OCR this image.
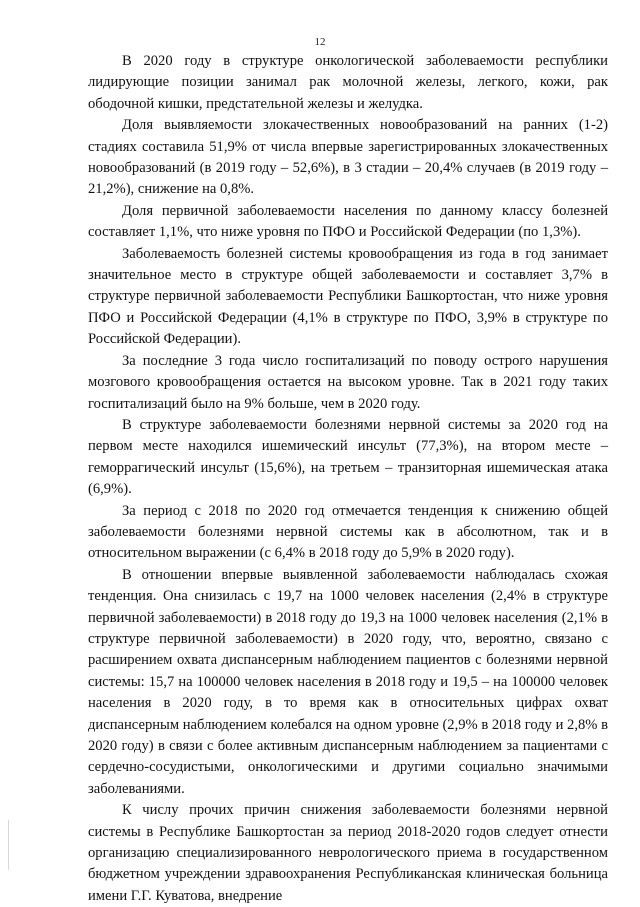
12

В 2020 году в структуре онкологической заболеваемости республики лидирующие позиции занимал рак молочной железы, легкого, кожи, рак ободочной кишки, предстательной железы и желудка.

Доля выявляемости злокачественных новообразований на ранних (1-2) стадиях составила 51,9% от числа впервые зарегистрированных злокачественных новообразований (в 2019 году – 52,6%), в 3 стадии – 20,4% случаев (в 2019 году – 21,2%), снижение на 0,8%.

Доля первичной заболеваемости населения по данному классу болезней составляет 1,1%, что ниже уровня по ПФО и Российской Федерации (по 1,3%).

Заболеваемость болезней системы кровообращения из года в год занимает значительное место в структуре общей заболеваемости и составляет 3,7% в структуре первичной заболеваемости Республики Башкортостан, что ниже уровня ПФО и Российской Федерации (4,1% в структуре по ПФО, 3,9% в структуре по Российской Федерации).

За последние 3 года число госпитализаций по поводу острого нарушения мозгового кровообращения остается на высоком уровне. Так в 2021 году таких госпитализаций было на 9% больше, чем в 2020 году.

В структуре заболеваемости болезнями нервной системы за 2020 год на первом месте находился ишемический инсульт (77,3%), на втором месте – геморрагический инсульт (15,6%), на третьем – транзиторная ишемическая атака (6,9%).

За период с 2018 по 2020 год отмечается тенденция к снижению общей заболеваемости болезнями нервной системы как в абсолютном, так и в относительном выражении (с 6,4% в 2018 году до 5,9% в 2020 году).

В отношении впервые выявленной заболеваемости наблюдалась схожая тенденция. Она снизилась с 19,7 на 1000 человек населения (2,4% в структуре первичной заболеваемости) в 2018 году до 19,3 на 1000 человек населения (2,1% в структуре первичной заболеваемости) в 2020 году, что, вероятно, связано с расширением охвата диспансерным наблюдением пациентов с болезнями нервной системы: 15,7 на 100000 человек населения в 2018 году и 19,5 – на 100000 человек населения в 2020 году, в то время как в относительных цифрах охват диспансерным наблюдением колебался на одном уровне (2,9% в 2018 году и 2,8% в 2020 году) в связи с более активным диспансерным наблюдением за пациентами с сердечно-сосудистыми, онкологическими и другими социально значимыми заболеваниями.

К числу прочих причин снижения заболеваемости болезнями нервной системы в Республике Башкортостан за период 2018-2020 годов следует отнести организацию специализированного неврологического приема в государственном бюджетном учреждении здравоохранения Республиканская клиническая больница имени Г.Г. Куватова, внедрение
